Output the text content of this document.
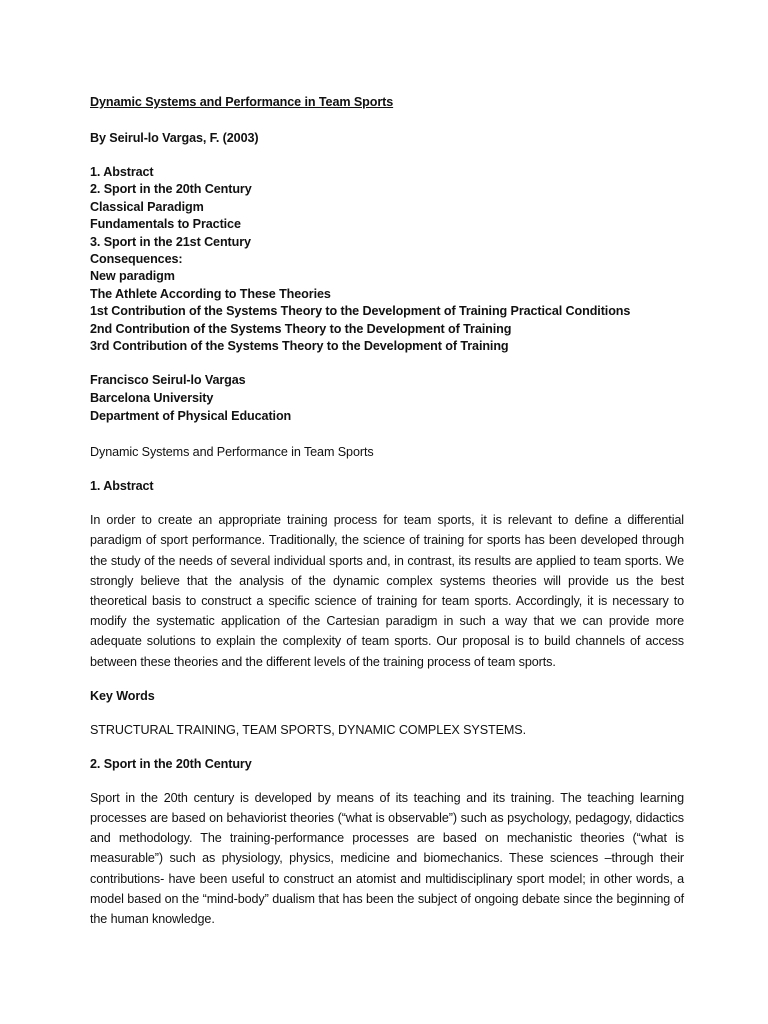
Dynamic Systems and Performance in Team Sports

By Seirul-lo Vargas, F. (2003)

1. Abstract
2. Sport in the 20th Century
Classical Paradigm
Fundamentals to Practice
3. Sport in the 21st Century
Consequences:
New paradigm
The Athlete According to These Theories
1st Contribution of the Systems Theory to the Development of Training Practical Conditions
2nd Contribution of the Systems Theory to the Development of Training
3rd Contribution of the Systems Theory to the Development of Training
Francisco Seirul-lo Vargas
Barcelona University
Department of Physical Education

Dynamic Systems and Performance in Team Sports

1. Abstract

In order to create an appropriate training process for team sports, it is relevant to define a differential paradigm of sport performance. Traditionally, the science of training for sports has been developed through the study of the needs of several individual sports and, in contrast, its results are applied to team sports. We strongly believe that the analysis of the dynamic complex systems theories will provide us the best theoretical basis to construct a specific science of training for team sports. Accordingly, it is necessary to modify the systematic application of the Cartesian paradigm in such a way that we can provide more adequate solutions to explain the complexity of team sports. Our proposal is to build channels of access between these theories and the different levels of the training process of team sports.

Key Words

STRUCTURAL TRAINING, TEAM SPORTS, DYNAMIC COMPLEX SYSTEMS.

2. Sport in the 20th Century

Sport in the 20th century is developed by means of its teaching and its training. The teaching learning processes are based on behaviorist theories (“what is observable”) such as psychology, pedagogy, didactics and methodology. The training-performance processes are based on mechanistic theories (“what is measurable”) such as physiology, physics, medicine and biomechanics. These sciences –through their contributions- have been useful to construct an atomist and multidisciplinary sport model; in other words, a model based on the “mind-body” dualism that has been the subject of ongoing debate since the beginning of the human knowledge.
